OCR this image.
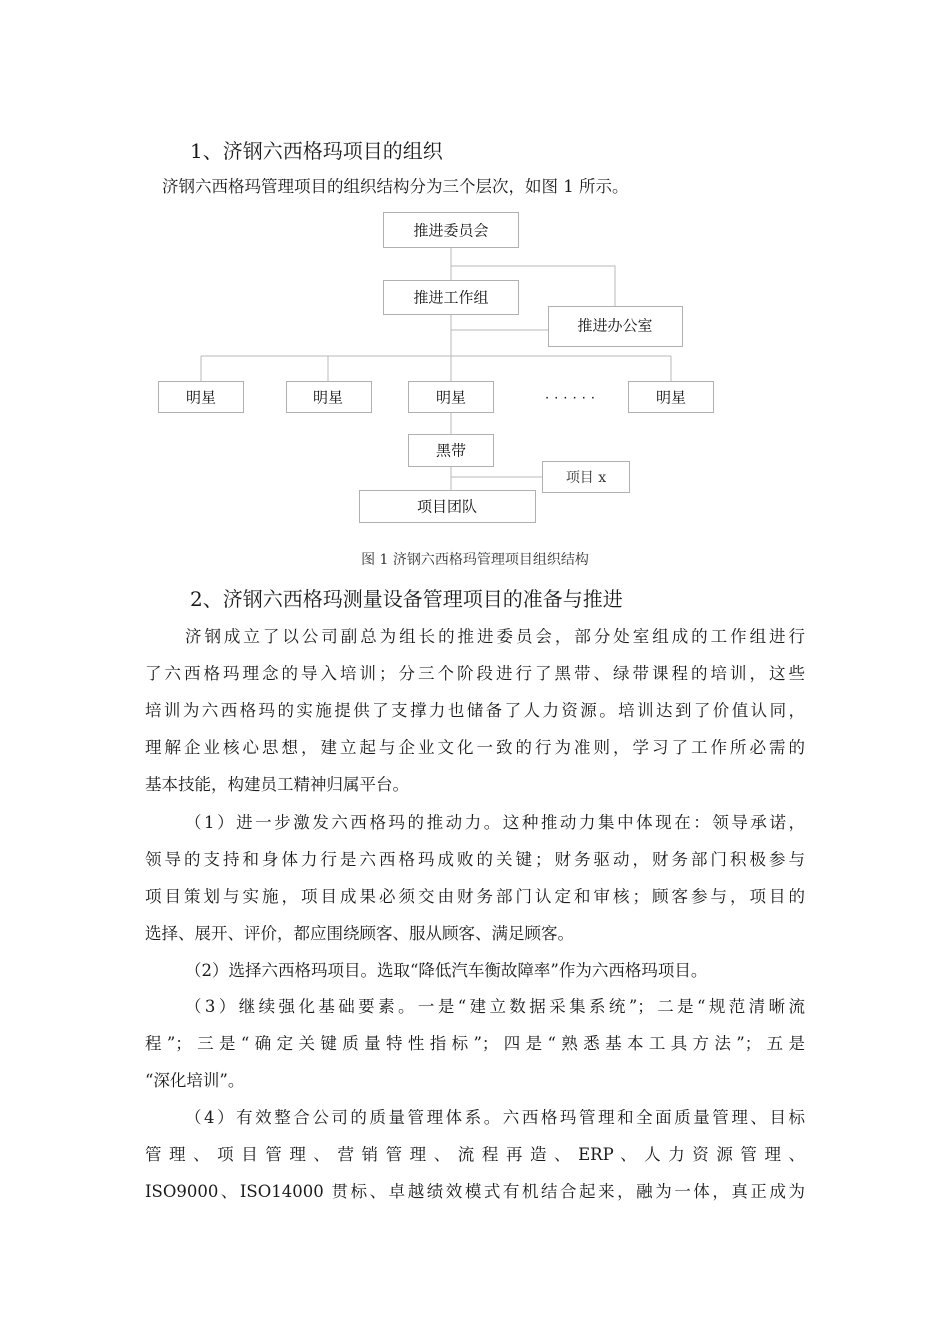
1、济钢六西格玛项目的组织
济钢六西格玛管理项目的组织结构分为三个层次，如图 1 所示。
推进委员会
推进工作组
推进办公室
明星	明星	明星	· · · · · ·	明星
黑带
项目团队
项目 x
图 1 济钢六西格玛管理项目组织结构
2、济钢六西格玛测量设备管理项目的准备与推进
济钢成立了以公司副总为组长的推进委员会，部分处室组成的工作组进行
了六西格玛理念的导入培训；分三个阶段进行了黑带、绿带课程的培训，这些
培训为六西格玛的实施提供了支撑力也储备了人力资源。培训达到了价值认同，
理解企业核心思想，建立起与企业文化一致的行为准则，学习了工作所必需的
基本技能，构建员工精神归属平台。
（1）进一步激发六西格玛的推动力。这种推动力集中体现在：领导承诺，
领导的支持和身体力行是六西格玛成败的关键；财务驱动，财务部门积极参与
项目策划与实施，项目成果必须交由财务部门认定和审核；顾客参与，项目的
选择、展开、评价，都应围绕顾客、服从顾客、满足顾客。
（2）选择六西格玛项目。选取“降低汽车衡故障率”作为六西格玛项目。
（3）继续强化基础要素。一是“建立数据采集系统”；二是“规范清晰流
程”；三是“确定关键质量特性指标”；四是“熟悉基本工具方法”；五是
“深化培训”。
（4）有效整合公司的质量管理体系。六西格玛管理和全面质量管理、目标
管 理 、 项 目 管 理 、 营 销 管 理 、 流 程 再 造 、 ERP 、 人 力 资 源 管 理 、
ISO9000、ISO14000 贯标、卓越绩效模式有机结合起来，融为一体，真正成为
